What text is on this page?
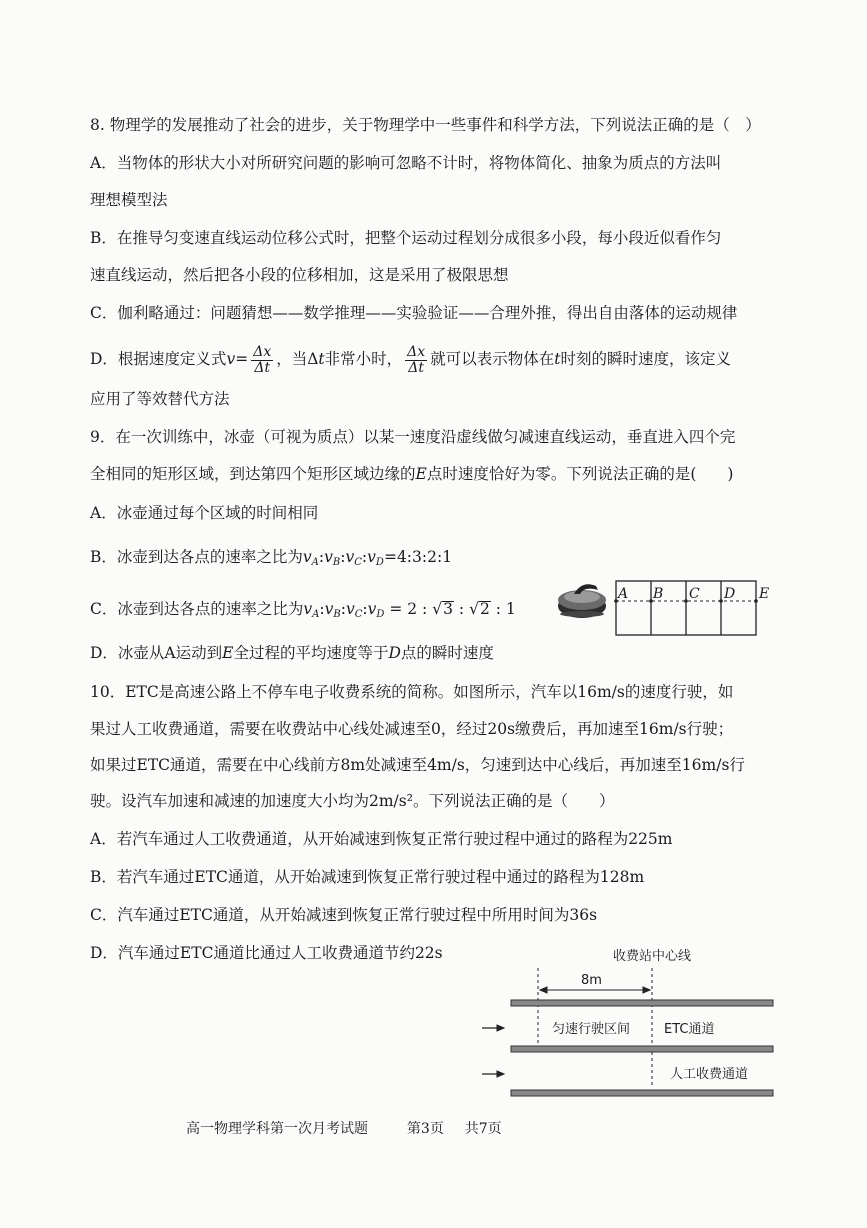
8. 物理学的发展推动了社会的进步，关于物理学中一些事件和科学方法，下列说法正确的是（　）
A．当物体的形状大小对所研究问题的影响可忽略不计时，将物体简化、抽象为质点的方法叫
理想模型法
B．在推导匀变速直线运动位移公式时，把整个运动过程划分成很多小段，每小段近似看作匀
速直线运动，然后把各小段的位移相加，这是采用了极限思想
C．伽利略通过：问题猜想——数学推理——实验验证——合理外推，得出自由落体的运动规律
D．根据速度定义式$v= \frac{\Delta x}{\Delta t}$ ，当Δt非常小时， $\frac{\Delta x}{\Delta t}$ 就可以表示物体在t时刻的瞬时速度，该定义
应用了等效替代方法
9．在一次训练中，冰壶（可视为质点）以某一速度沿虚线做匀减速直线运动，垂直进入四个完
全相同的矩形区域，到达第四个矩形区域边缘的E点时速度恰好为零。下列说法正确的是(　　)
A．冰壶通过每个区域的时间相同
B．冰壶到达各点的速率之比为$v_A:v_B:v_C:v_D=4:3:2:1$
C．冰壶到达各点的速率之比为$v_A:v_B:v_C:v_D = 2$ : √3 : √2 : 1
D．冰壶从A运动到E全过程的平均速度等于D点的瞬时速度
A B C D E
10．ETC是高速公路上不停车电子收费系统的简称。如图所示，汽车以16m/s的速度行驶，如
果过人工收费通道，需要在收费站中心线处减速至0，经过20s缴费后，再加速至16m/s行驶；
如果过ETC通道，需要在中心线前方8m处减速至4m/s，匀速到达中心线后，再加速至16m/s行
驶。设汽车加速和减速的加速度大小均为2m/s²。下列说法正确的是（　　）
A．若汽车通过人工收费通道，从开始减速到恢复正常行驶过程中通过的路程为225m
B．若汽车通过ETC通道，从开始减速到恢复正常行驶过程中通过的路程为128m
C．汽车通过ETC通道，从开始减速到恢复正常行驶过程中所用时间为36s
D．汽车通过ETC通道比通过人工收费通道节约22s	收费站中心线
8m
匀速行驶区间	ETC通道
人工收费通道
高一物理学科第一次月考试题	第3页 共7页
